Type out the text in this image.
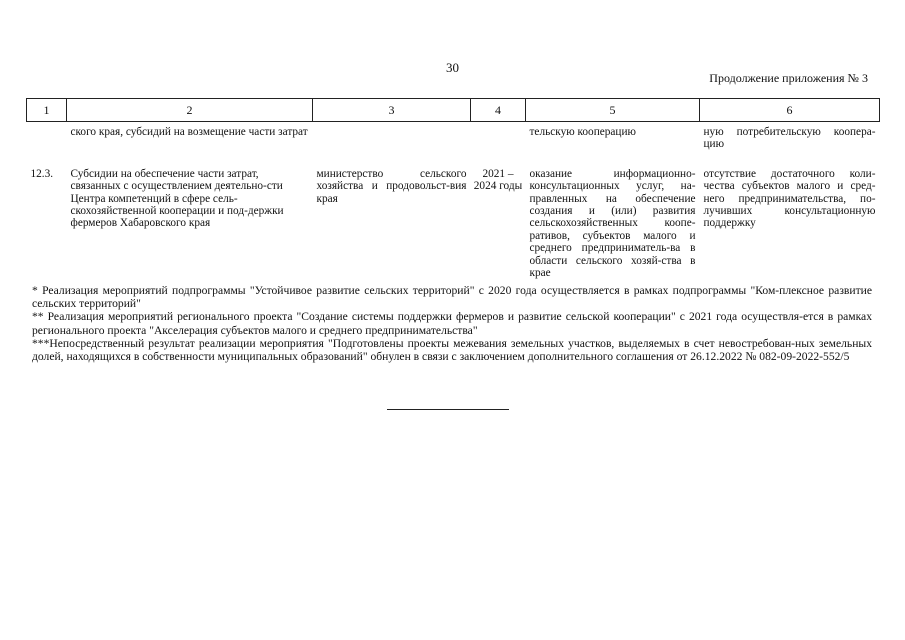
30
Продолжение приложения № 3
1	2	3	4	5	6
	ского края, субсидий на возмещение части затрат			тельскую кооперацию	ную потребительскую коопера-цию
12.3.	Субсидии на обеспечение части затрат, связанных с осуществлением деятельно-сти Центра компетенций в сфере сель-скохозяйственной кооперации и под-держки фермеров Хабаровского края	министерство сельского хозяйства и продовольст-вия края	2021 – 2024 годы	оказание информационно-консультационных услуг, на-правленных на обеспечение создания и (или) развития сельскохозяйственных коопе-ративов, субъектов малого и среднего предприниматель-ва в области сельского хозяй-ства в крае	отсутствие достаточного коли-чества субъектов малого и сред-него предпринимательства, по-лучивших консультационную поддержку

* Реализация мероприятий подпрограммы "Устойчивое развитие сельских территорий" с 2020 года осуществляется в рамках подпрограммы "Ком-плексное развитие сельских территорий"

** Реализация мероприятий регионального проекта "Создание системы поддержки фермеров и развитие сельской кооперации" с 2021 года осуществля-ется в рамках регионального проекта "Акселерация субъектов малого и среднего предпринимательства"

***Непосредственный результат реализации мероприятия "Подготовлены проекты межевания земельных участков, выделяемых в счет невостребован-ных земельных долей, находящихся в собственности муниципальных образований" обнулен в связи с заключением дополнительного соглашения от 26.12.2022 № 082-09-2022-552/5
